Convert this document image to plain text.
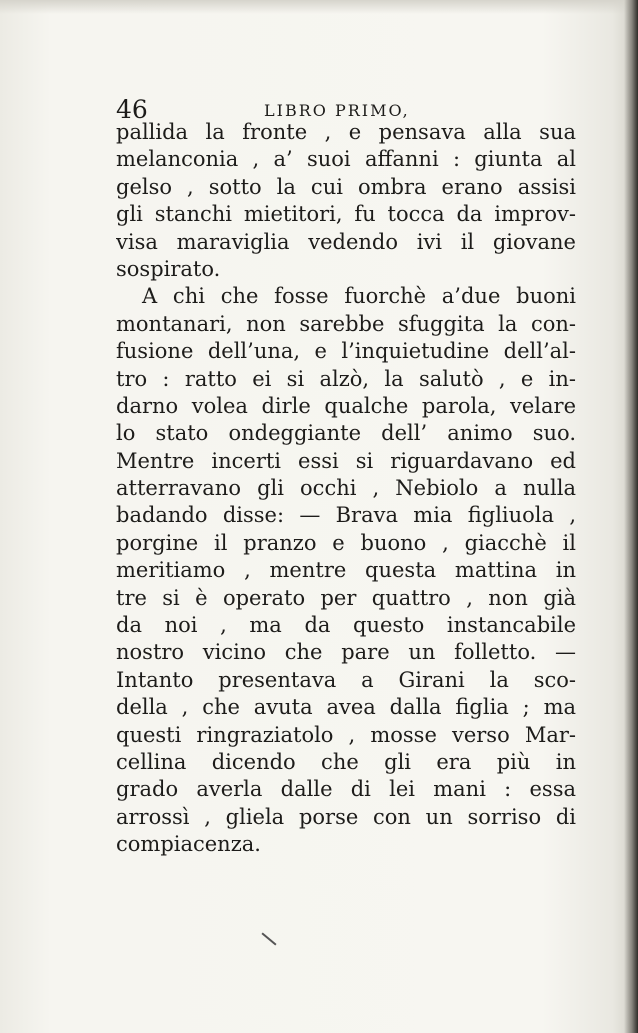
46	LIBRO PRIMO,
pallida la fronte , e pensava alla sua
melanconia , a’ suoi affanni : giunta al
gelso , sotto la cui ombra erano assisi
gli stanchi mietitori, fu tocca da improv-
visa maraviglia vedendo ivi il giovane
sospirato.
A chi che fosse fuorchè a’due buoni
montanari, non sarebbe sfuggita la con-
fusione dell’una, e l’inquietudine dell’al-
tro : ratto ei si alzò, la salutò , e in-
darno volea dirle qualche parola, velare
lo stato ondeggiante dell’ animo suo.
Mentre incerti essi si riguardavano ed
atterravano gli occhi , Nebiolo a nulla
badando disse: — Brava mia figliuola ,
porgine il pranzo e buono , giacchè il
meritiamo , mentre questa mattina in
tre si è operato per quattro , non già
da noi , ma da questo instancabile
nostro vicino che pare un folletto. —
Intanto presentava a Girani la sco-
della , che avuta avea dalla figlia ; ma
questi ringraziatolo , mosse verso Mar-
cellina dicendo che gli era più in
grado averla dalle di lei mani : essa
arrossì , gliela porse con un sorriso di
compiacenza.
